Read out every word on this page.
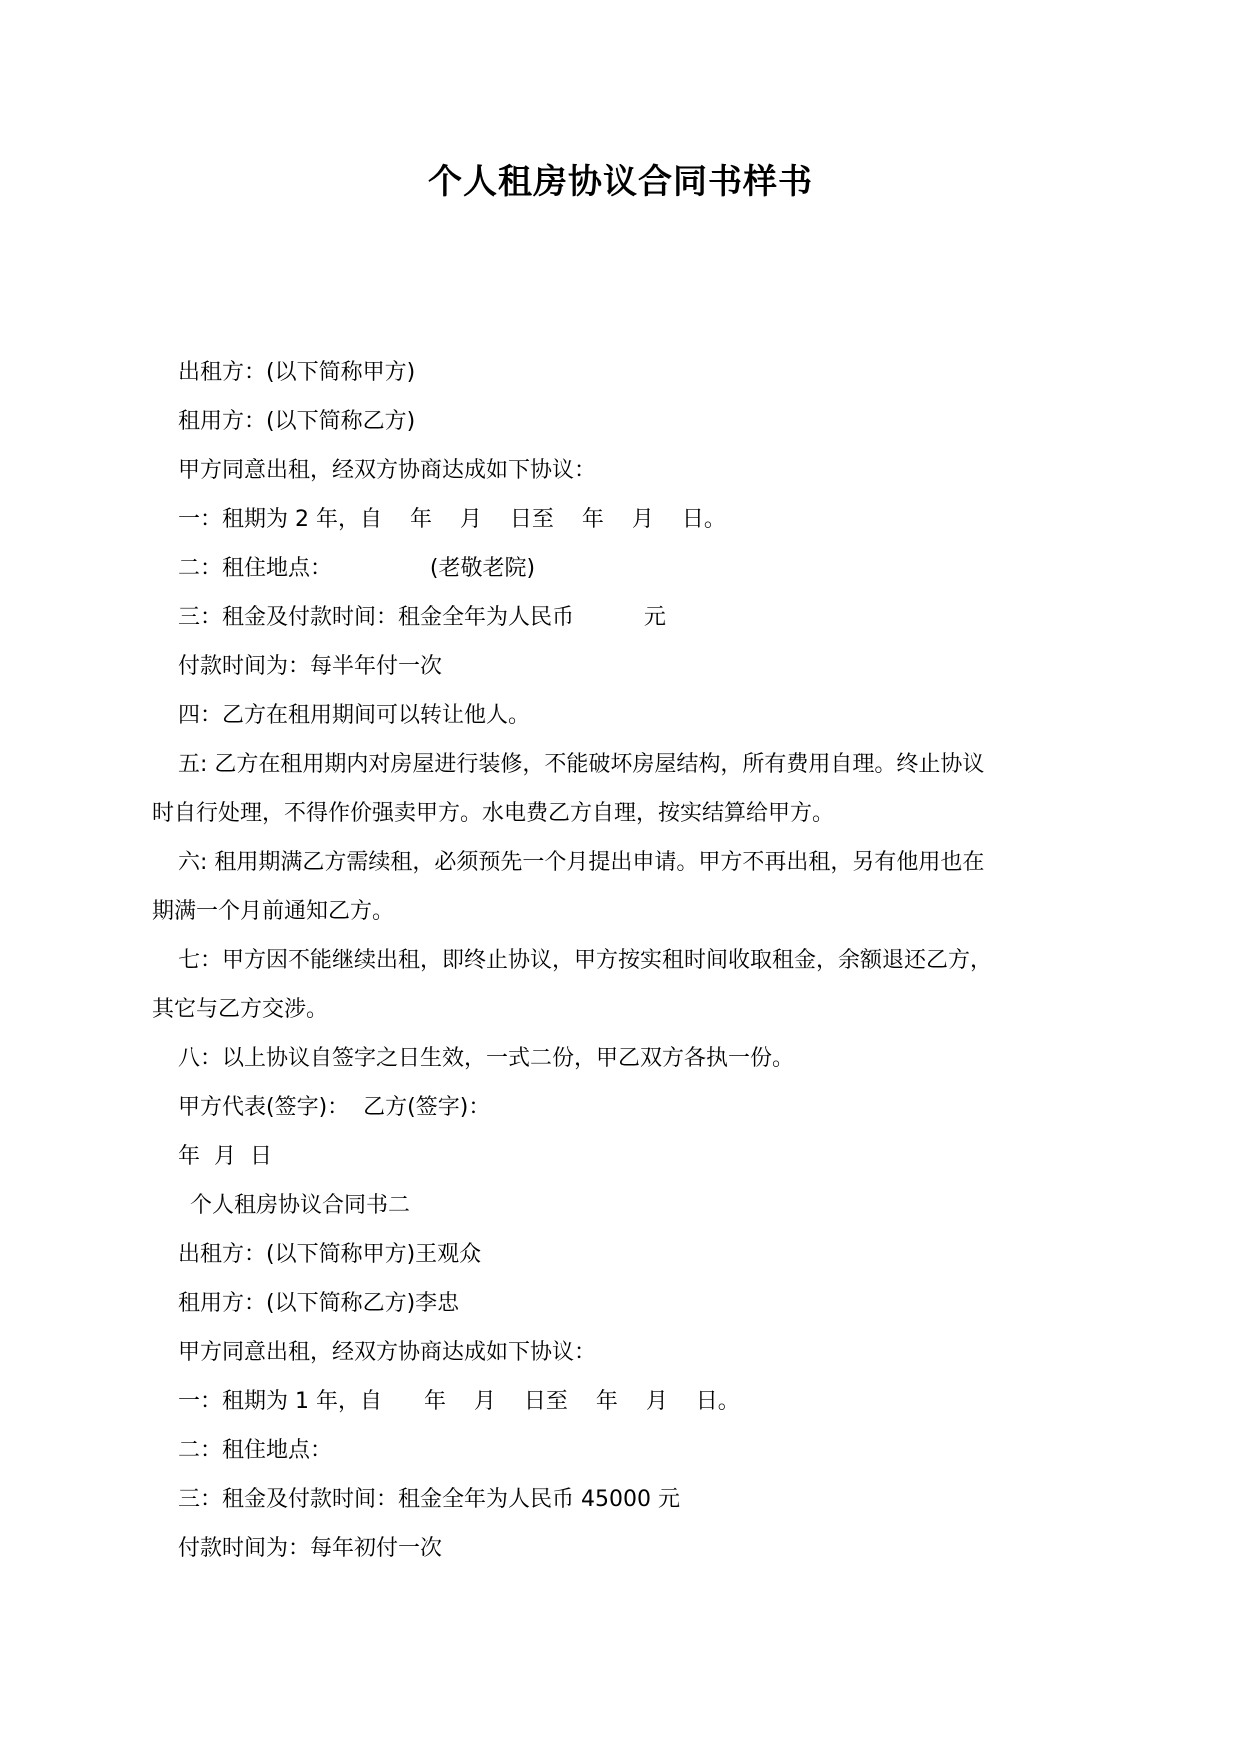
个人租房协议合同书样书

出租方：(以下简称甲方)

租用方：(以下简称乙方)

甲方同意出租，经双方协商达成如下协议：

一：租期为 2 年，自    年    月    日至    年    月    日。

二：租住地点：              (老敬老院)

三：租金及付款时间：租金全年为人民币          元

付款时间为：每半年付一次

四：乙方在租用期间可以转让他人。

五: 乙方在租用期内对房屋进行装修，不能破坏房屋结构，所有费用自理。终止协议

时自行处理，不得作价强卖甲方。水电费乙方自理，按实结算给甲方。

六: 租用期满乙方需续租，必须预先一个月提出申请。甲方不再出租，另有他用也在

期满一个月前通知乙方。

七：甲方因不能继续出租，即终止协议，甲方按实租时间收取租金，余额退还乙方，

其它与乙方交涉。

八：以上协议自签字之日生效，一式二份，甲乙双方各执一份。

甲方代表(签字)：  乙方(签字)：

年  月  日

个人租房协议合同书二

出租方：(以下简称甲方)王观众

租用方：(以下简称乙方)李忠

甲方同意出租，经双方协商达成如下协议：

一：租期为 1 年，自      年    月    日至    年    月    日。

二：租住地点：

三：租金及付款时间：租金全年为人民币 45000 元

付款时间为：每年初付一次
